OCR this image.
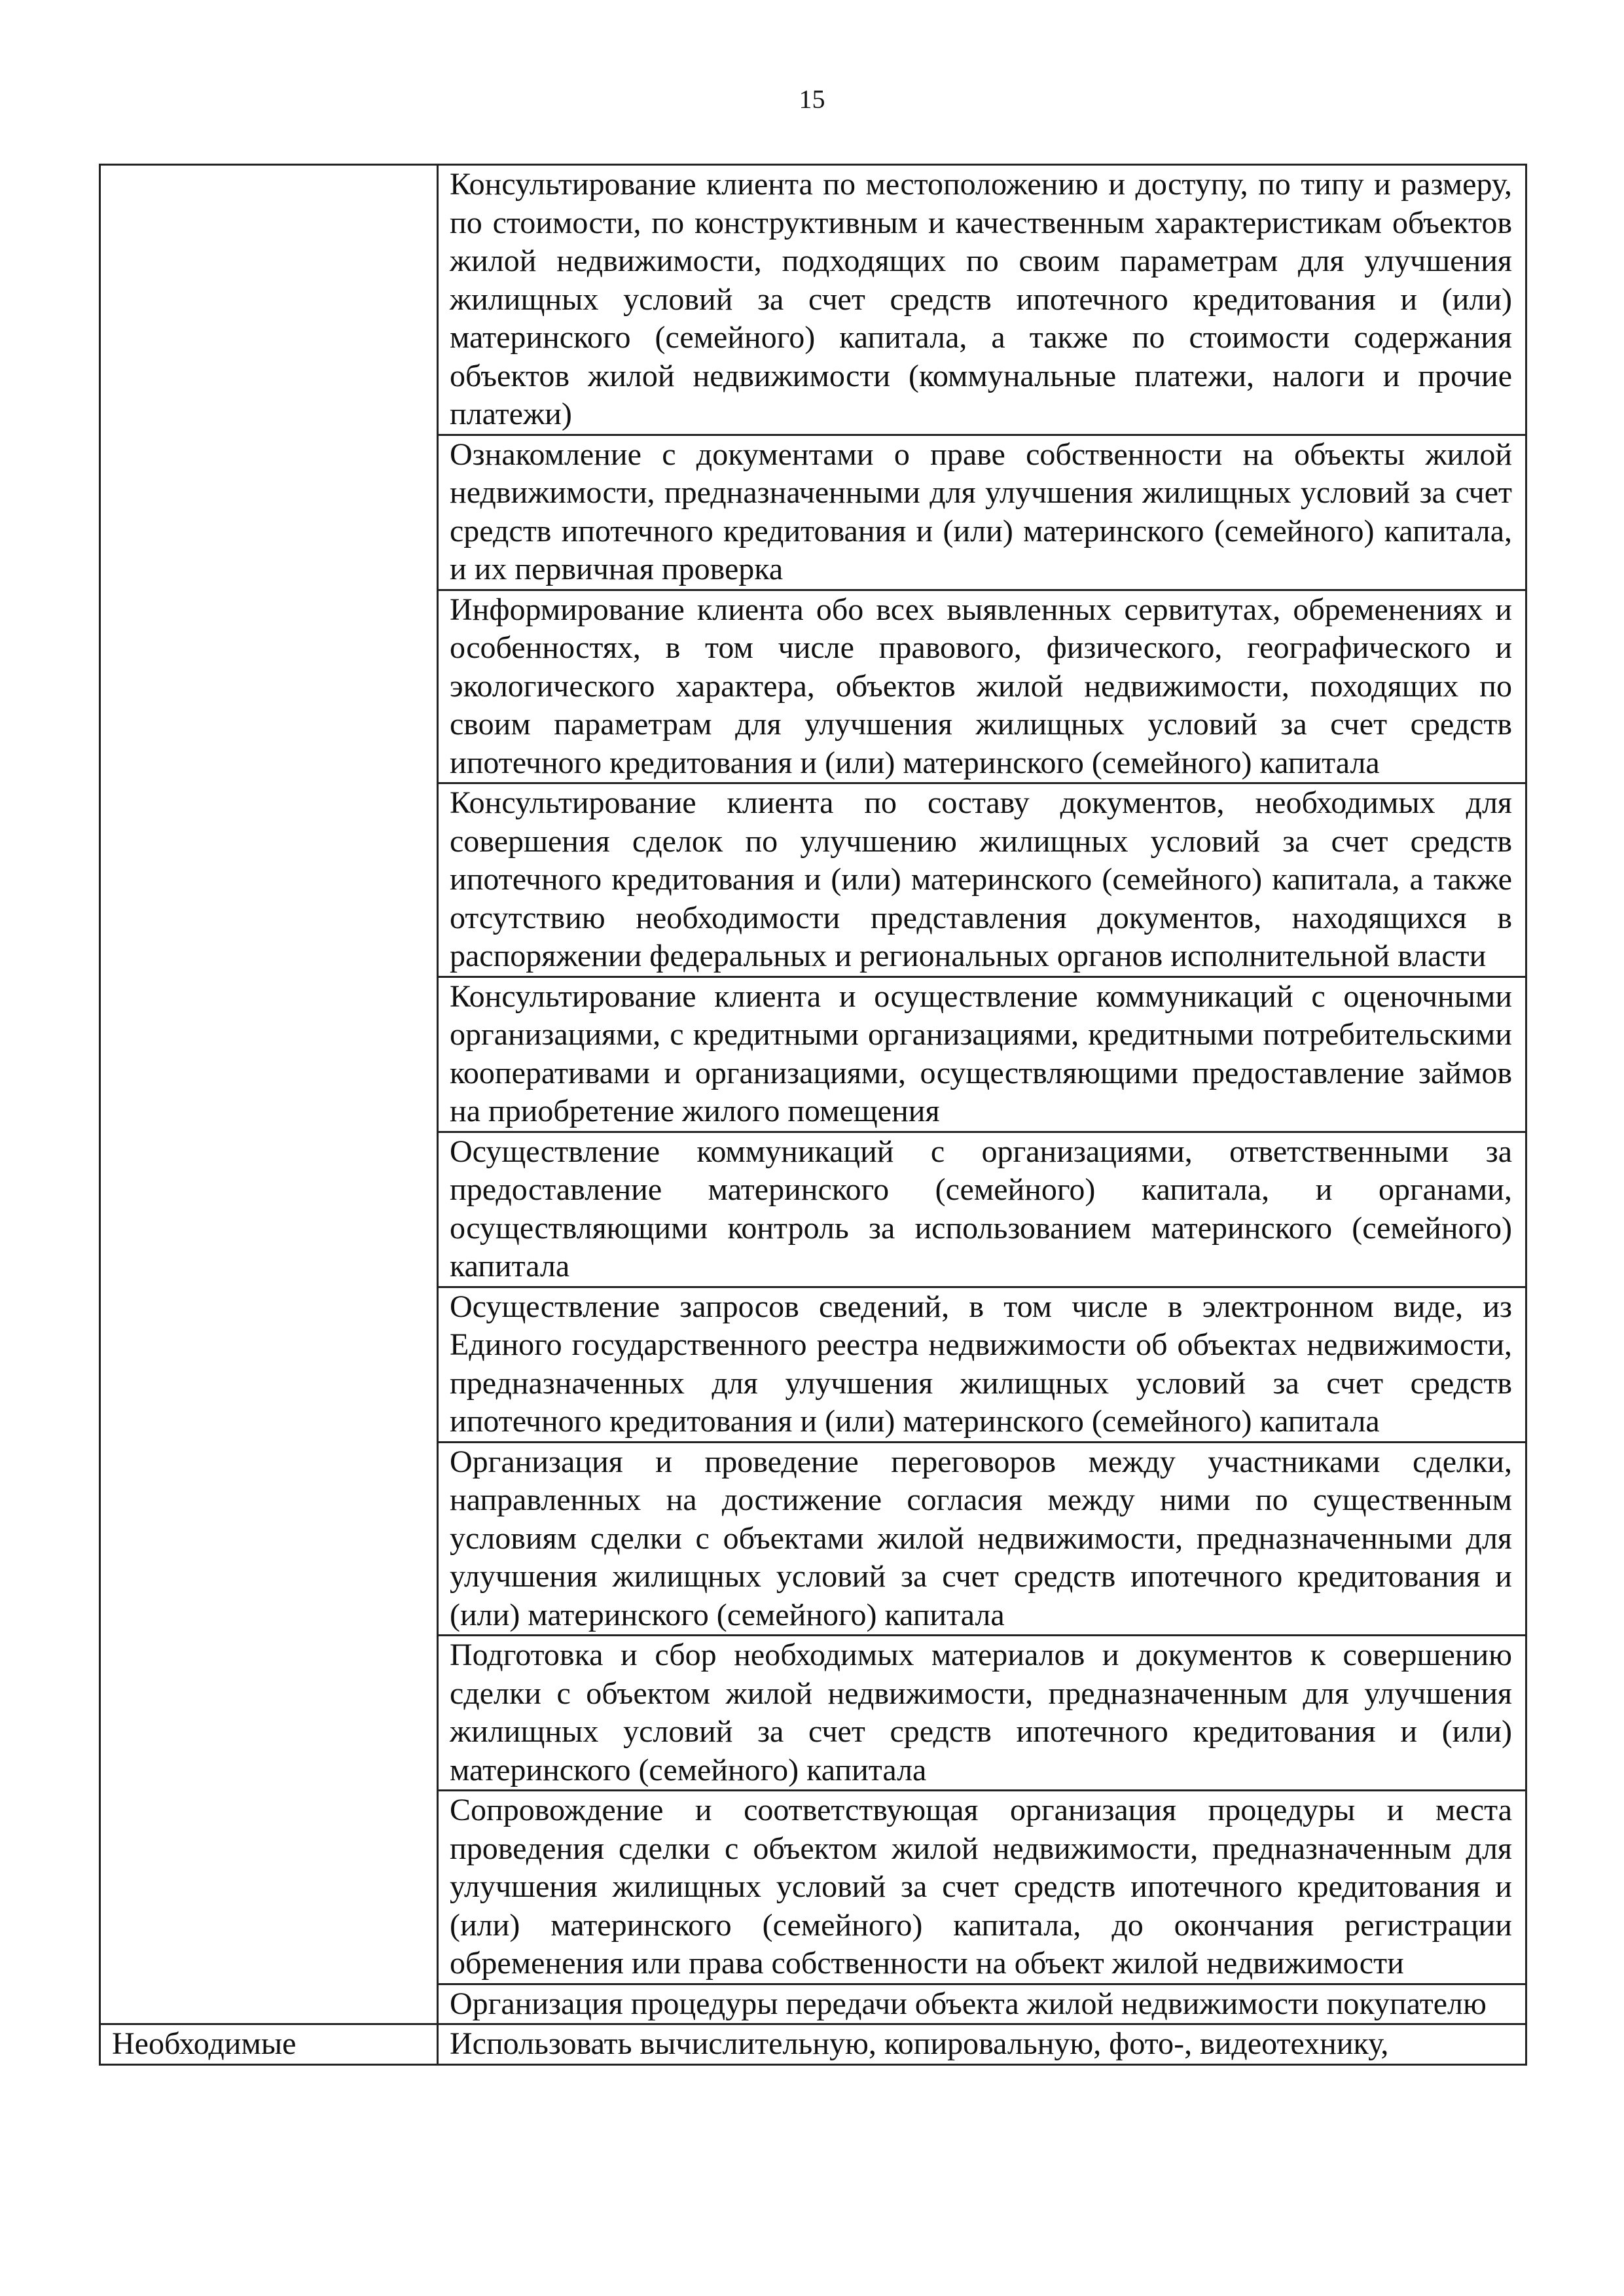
15
	Консультирование клиента по местоположению и доступу, по типу и размеру, по стоимости, по конструктивным и качественным характеристикам объектов жилой недвижимости, подходящих по своим параметрам для улучшения жилищных условий за счет средств ипотечного кредитования и (или) материнского (семейного) капитала, а также по стоимости содержания объектов жилой недвижимости (коммунальные платежи, налоги и прочие платежи)
	Ознакомление с документами о праве собственности на объекты жилой недвижимости, предназначенными для улучшения жилищных условий за счет средств ипотечного кредитования и (или) материнского (семейного) капитала, и их первичная проверка
	Информирование клиента обо всех выявленных сервитутах, обременениях и особенностях, в том числе правового, физического, географического и экологического характера, объектов жилой недвижимости, походящих по своим параметрам для улучшения жилищных условий за счет средств ипотечного кредитования и (или) материнского (семейного) капитала
	Консультирование клиента по составу документов, необходимых для совершения сделок по улучшению жилищных условий за счет средств ипотечного кредитования и (или) материнского (семейного) капитала, а также отсутствию необходимости представления документов, находящихся в распоряжении федеральных и региональных органов исполнительной власти
	Консультирование клиента и осуществление коммуникаций с оценочными организациями, с кредитными организациями, кредитными потребительскими кооперативами и организациями, осуществляющими предоставление займов на приобретение жилого помещения
	Осуществление коммуникаций с организациями, ответственными за предоставление материнского (семейного) капитала, и органами, осуществляющими контроль за использованием материнского (семейного) капитала
	Осуществление запросов сведений, в том числе в электронном виде, из Единого государственного реестра недвижимости об объектах недвижимости, предназначенных для улучшения жилищных условий за счет средств ипотечного кредитования и (или) материнского (семейного) капитала
	Организация и проведение переговоров между участниками сделки, направленных на достижение согласия между ними по существенным условиям сделки с объектами жилой недвижимости, предназначенными для улучшения жилищных условий за счет средств ипотечного кредитования и (или) материнского (семейного) капитала
	Подготовка и сбор необходимых материалов и документов к совершению сделки с объектом жилой недвижимости, предназначенным для улучшения жилищных условий за счет средств ипотечного кредитования и (или) материнского (семейного) капитала
	Сопровождение и соответствующая организация процедуры и места проведения сделки с объектом жилой недвижимости, предназначенным для улучшения жилищных условий за счет средств ипотечного кредитования и (или) материнского (семейного) капитала, до окончания регистрации обременения или права собственности на объект жилой недвижимости
	Организация процедуры передачи объекта жилой недвижимости покупателю
Необходимые	Использовать вычислительную, копировальную, фото-, видеотехнику,
